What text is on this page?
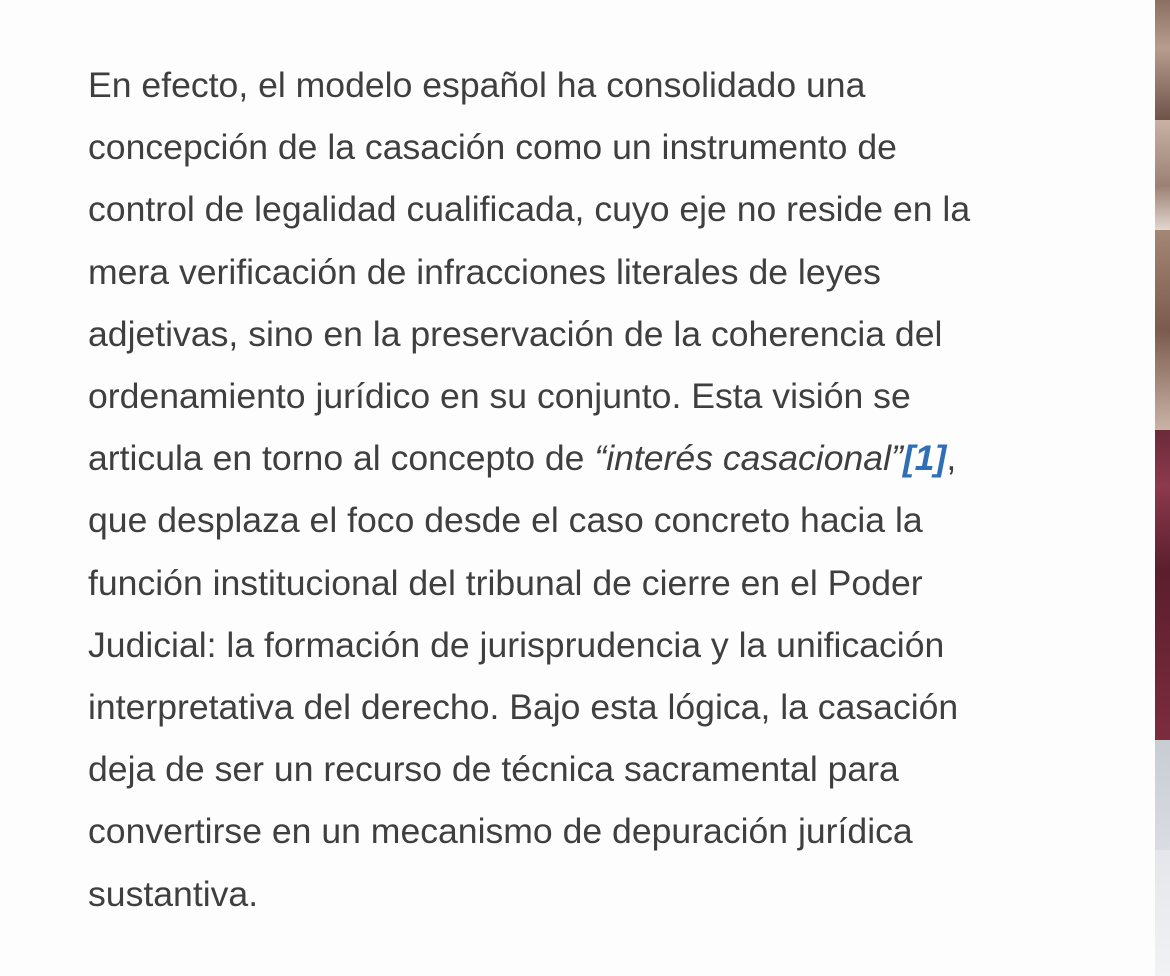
En efecto, el modelo español ha consolidado una
concepción de la casación como un instrumento de
control de legalidad cualificada, cuyo eje no reside en la
mera verificación de infracciones literales de leyes
adjetivas, sino en la preservación de la coherencia del
ordenamiento jurídico en su conjunto. Esta visión se
articula en torno al concepto de “interés casacional”[1],
que desplaza el foco desde el caso concreto hacia la
función institucional del tribunal de cierre en el Poder
Judicial: la formación de jurisprudencia y la unificación
interpretativa del derecho. Bajo esta lógica, la casación
deja de ser un recurso de técnica sacramental para
convertirse en un mecanismo de depuración jurídica
sustantiva.
